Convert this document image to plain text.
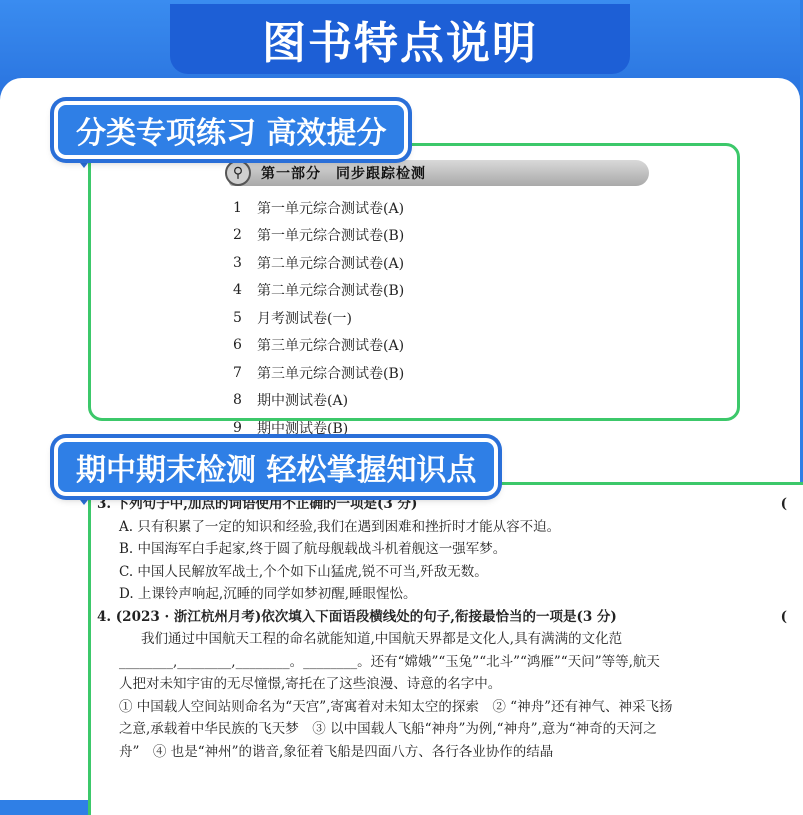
图书特点说明
分类专项练习 高效提分
⚲	第一部分　同步跟踪检测
1	第一单元综合测试卷(A)
2	第一单元综合测试卷(B)
3	第二单元综合测试卷(A)
4	第二单元综合测试卷(B)
5	月考测试卷(一)
6	第三单元综合测试卷(A)
7	第三单元综合测试卷(B)
8	期中测试卷(A)
9	期中测试卷(B)
期中期末检测 轻松掌握知识点
3. 下列句子中,加点的词语使用不正确的一项是(3 分)	(
A. 只有积累了一定的知识和经验,我们在遇到困难和挫折时才能从容不迫。
B. 中国海军白手起家,终于圆了航母舰载战斗机着舰这一强军梦。
C. 中国人民解放军战士,个个如下山猛虎,锐不可当,歼敌无数。
D. 上课铃声响起,沉睡的同学如梦初醒,睡眼惺忪。
4. (2023 · 浙江杭州月考)依次填入下面语段横线处的句子,衔接最恰当的一项是(3 分)	(
我们通过中国航天工程的命名就能知道,中国航天界都是文化人,具有满满的文化范
________,________,________。________。还有“嫦娥”“玉兔”“北斗”“鸿雁”“天问”等等,航天
人把对未知宇宙的无尽憧憬,寄托在了这些浪漫、诗意的名字中。
① 中国载人空间站则命名为“天宫”,寄寓着对未知太空的探索　② “神舟”还有神气、神采飞扬
之意,承载着中华民族的飞天梦　③ 以中国载人飞船“神舟”为例,“神舟”,意为“神奇的天河之
舟”　④ 也是“神州”的谐音,象征着飞船是四面八方、各行各业协作的结晶
